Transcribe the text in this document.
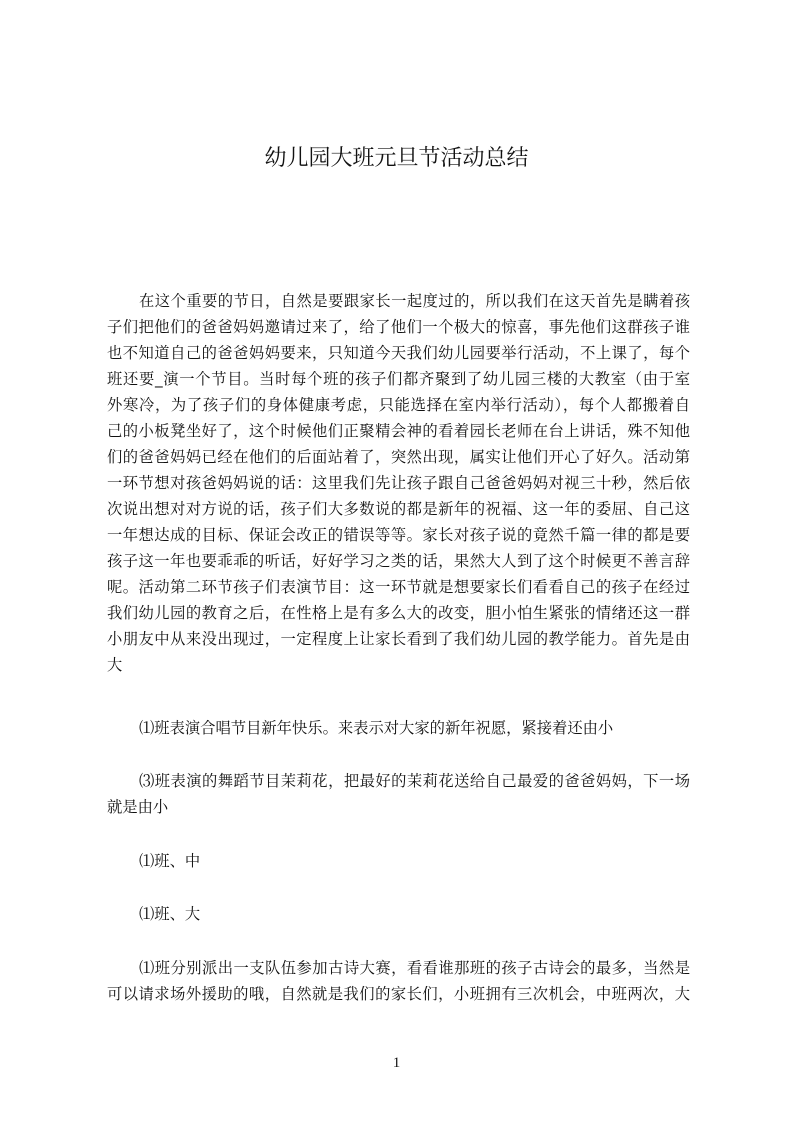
幼儿园大班元旦节活动总结
在这个重要的节日，自然是要跟家长一起度过的，所以我们在这天首先是瞒着孩
子们把他们的爸爸妈妈邀请过来了，给了他们一个极大的惊喜，事先他们这群孩子谁
也不知道自己的爸爸妈妈要来，只知道今天我们幼儿园要举行活动，不上课了，每个
班还要_演一个节目。当时每个班的孩子们都齐聚到了幼儿园三楼的大教室（由于室
外寒冷，为了孩子们的身体健康考虑，只能选择在室内举行活动），每个人都搬着自
己的小板凳坐好了，这个时候他们正聚精会神的看着园长老师在台上讲话，殊不知他
们的爸爸妈妈已经在他们的后面站着了，突然出现，属实让他们开心了好久。活动第
一环节想对孩爸妈妈说的话：这里我们先让孩子跟自己爸爸妈妈对视三十秒，然后依
次说出想对对方说的话，孩子们大多数说的都是新年的祝福、这一年的委屈、自己这
一年想达成的目标、保证会改正的错误等等。家长对孩子说的竟然千篇一律的都是要
孩子这一年也要乖乖的听话，好好学习之类的话，果然大人到了这个时候更不善言辞
呢。活动第二环节孩子们表演节目：这一环节就是想要家长们看看自己的孩子在经过
我们幼儿园的教育之后，在性格上是有多么大的改变，胆小怕生紧张的情绪还这一群
小朋友中从来没出现过，一定程度上让家长看到了我们幼儿园的教学能力。首先是由
大
⑴班表演合唱节目新年快乐。来表示对大家的新年祝愿，紧接着还由小
⑶班表演的舞蹈节目茉莉花，把最好的茉莉花送给自己最爱的爸爸妈妈，下一场
就是由小
⑴班、中
⑴班、大
⑴班分别派出一支队伍参加古诗大赛，看看谁那班的孩子古诗会的最多，当然是
可以请求场外援助的哦，自然就是我们的家长们，小班拥有三次机会，中班两次，大
1
